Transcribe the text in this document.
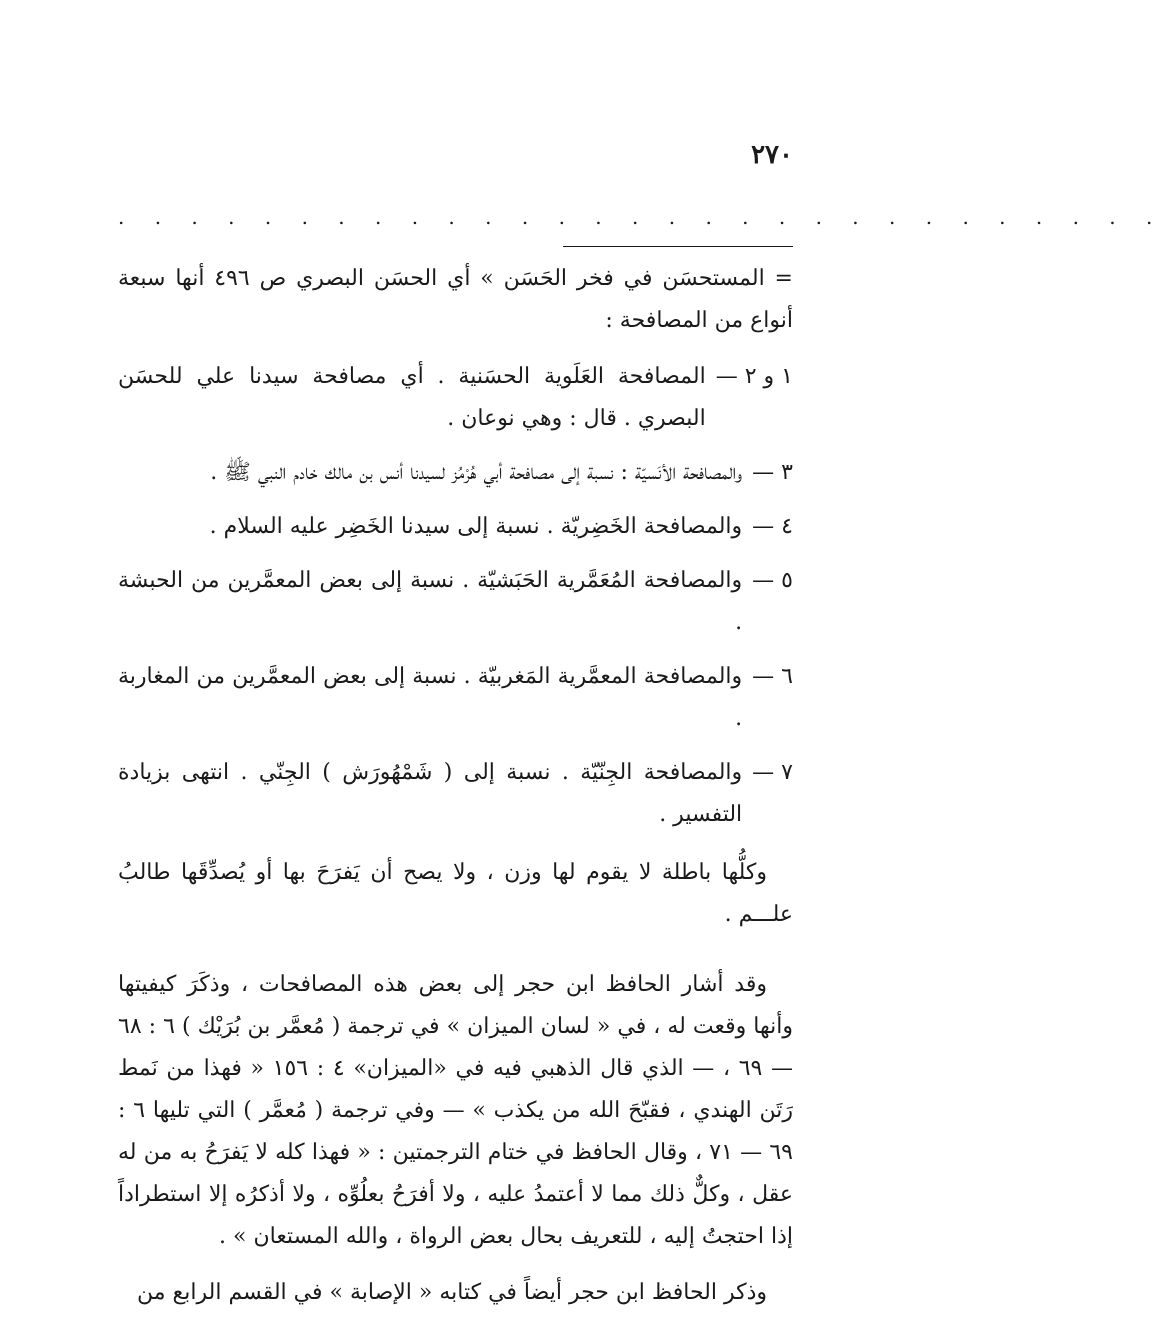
٢٧٠
. . . . . . . . . . . . . . . . . . . . . . . . . . . . .

= المستحسَن في فخر الحَسَن » أي الحسَن البصري ص ٤٩٦ أنها سبعة أنواع من المصافحة :

١ و ٢ —
المصافحة العَلَوية الحسَنية . أي مصافحة سيدنا علي للحسَن البصري . قال : وهي نوعان .
٣ —
والمصافحة الأنَسيّة : نسبة إلى مصافحة أبي هُرْمُز لسيدنا أنس بن مالك خادم النبي ﷺ .
٤ —
والمصافحة الخَضِريّة . نسبة إلى سيدنا الخَضِر عليه السلام .
٥ —
والمصافحة المُعَمَّرية الحَبَشيّة . نسبة إلى بعض المعمَّرين من الحبشة .
٦ —
والمصافحة المعمَّرية المَغربيّة . نسبة إلى بعض المعمَّرين من المغاربة .
٧ —
والمصافحة الجِنّيّة . نسبة إلى ( شَمْهُورَش ) الجِنّي . انتهى بزيادة التفسير .

وكلُّها باطلة لا يقوم لها وزن ، ولا يصح أن يَفرَحَ بها أو يُصدِّقَها طالبُ علـــم .

وقد أشار الحافظ ابن حجر إلى بعض هذه المصافحات ، وذكَرَ كيفيتها وأنها وقعت له ، في « لسان الميزان » في ترجمة ( مُعمَّر بن بُرَيْك ) ٦ : ٦٨ — ٦٩ ، — الذي قال الذهبي فيه في «الميزان» ٤ : ١٥٦ « فهذا من نَمط رَتَن الهندي ، فقبّحَ الله من يكذب » — وفي ترجمة ( مُعمَّر ) التي تليها ٦ : ٦٩ — ٧١ ، وقال الحافظ في ختام الترجمتين : « فهذا كله لا يَفرَحُ به من له عقل ، وكلٌّ ذلك مما لا أعتمدُ عليه ، ولا أفرَحُ بعلُوِّه ، ولا أذكرُه إلا استطراداً إذا احتجتُ إليه ، للتعريف بحال بعض الرواة ، والله المستعان » .

وذكر الحافظ ابن حجر أيضاً في كتابه « الإصابة » في القسم الرابع من
